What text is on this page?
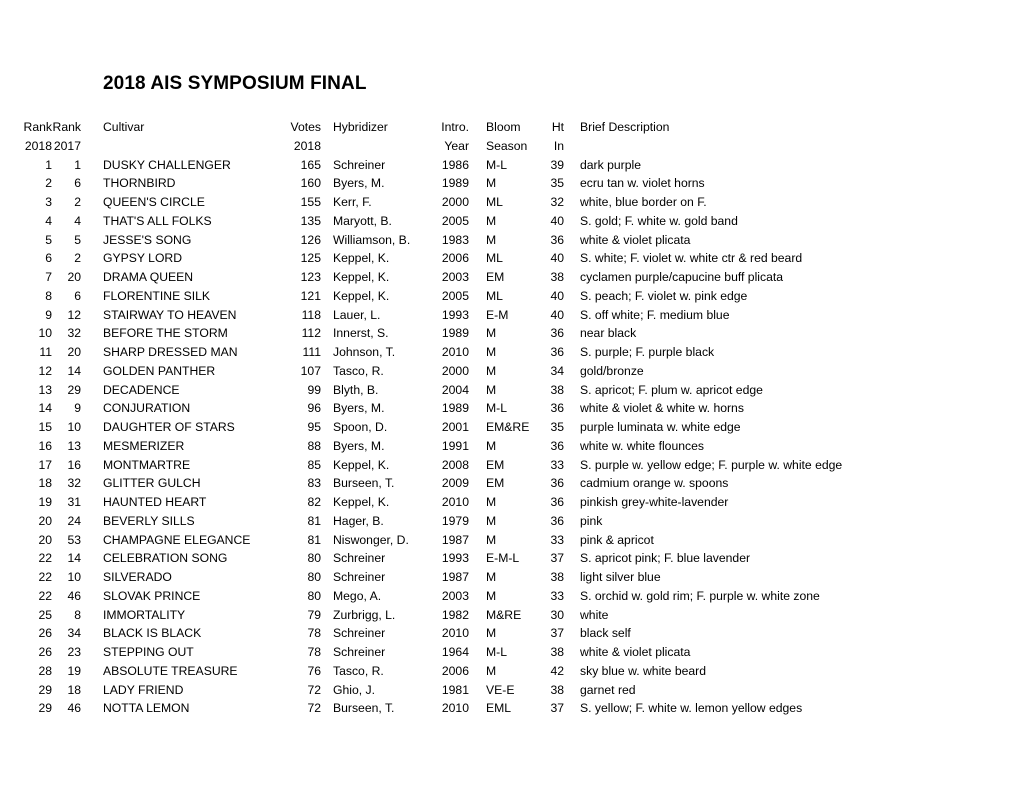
2018 AIS SYMPOSIUM FINAL
Rank Rank Cultivar	Votes Hybridizer	Intro. Bloom	Ht Brief Description
2018 2017	2018	Year Season	In
1	1 DUSKY CHALLENGER	165 Schreiner	1986 M-L	39 dark purple
2	6 THORNBIRD	160 Byers, M.	1989 M	35 ecru tan w. violet horns
3	2 QUEEN'S CIRCLE	155 Kerr, F.	2000 ML	32 white, blue border on F.
4	4 THAT'S ALL FOLKS	135 Maryott, B.	2005 M	40 S. gold; F. white w. gold band
5	5 JESSE'S SONG	126 Williamson, B.	1983 M	36 white & violet plicata
6	2 GYPSY LORD	125 Keppel, K.	2006 ML	40 S. white; F. violet w. white ctr & red beard
7	20 DRAMA QUEEN	123 Keppel, K.	2003 EM	38 cyclamen purple/capucine buff plicata
8	6 FLORENTINE SILK	121 Keppel, K.	2005 ML	40 S. peach; F. violet w. pink edge
9	12 STAIRWAY TO HEAVEN	118 Lauer, L.	1993 E-M	40 S. off white; F. medium blue
10	32 BEFORE THE STORM	112 Innerst, S.	1989 M	36 near black
11	20 SHARP DRESSED MAN	111 Johnson, T.	2010 M	36 S. purple; F. purple black
12	14 GOLDEN PANTHER	107 Tasco, R.	2000 M	34 gold/bronze
13	29 DECADENCE	99 Blyth, B.	2004 M	38 S. apricot; F. plum w. apricot edge
14	9 CONJURATION	96 Byers, M.	1989 M-L	36 white & violet & white w. horns
15	10 DAUGHTER OF STARS	95 Spoon, D.	2001 EM&RE	35 purple luminata w. white edge
16	13 MESMERIZER	88 Byers, M.	1991 M	36 white w. white flounces
17	16 MONTMARTRE	85 Keppel, K.	2008 EM	33 S. purple w. yellow edge; F. purple w. white edge
18	32 GLITTER GULCH	83 Burseen, T.	2009 EM	36 cadmium orange w. spoons
19	31 HAUNTED HEART	82 Keppel, K.	2010 M	36 pinkish grey-white-lavender
20	24 BEVERLY SILLS	81 Hager, B.	1979 M	36 pink
20	53 CHAMPAGNE ELEGANCE	81 Niswonger, D.	1987 M	33 pink & apricot
22	14 CELEBRATION SONG	80 Schreiner	1993 E-M-L	37 S. apricot pink; F. blue lavender
22	10 SILVERADO	80 Schreiner	1987 M	38 light silver blue
22	46 SLOVAK PRINCE	80 Mego, A.	2003 M	33 S. orchid w. gold rim; F. purple w. white zone
25	8 IMMORTALITY	79 Zurbrigg, L.	1982 M&RE	30 white
26	34 BLACK IS BLACK	78 Schreiner	2010 M	37 black self
26	23 STEPPING OUT	78 Schreiner	1964 M-L	38 white & violet plicata
28	19 ABSOLUTE TREASURE	76 Tasco, R.	2006 M	42 sky blue w. white beard
29	18 LADY FRIEND	72 Ghio, J.	1981 VE-E	38 garnet red
29	46 NOTTA LEMON	72 Burseen, T.	2010 EML	37 S. yellow; F. white w. lemon yellow edges
